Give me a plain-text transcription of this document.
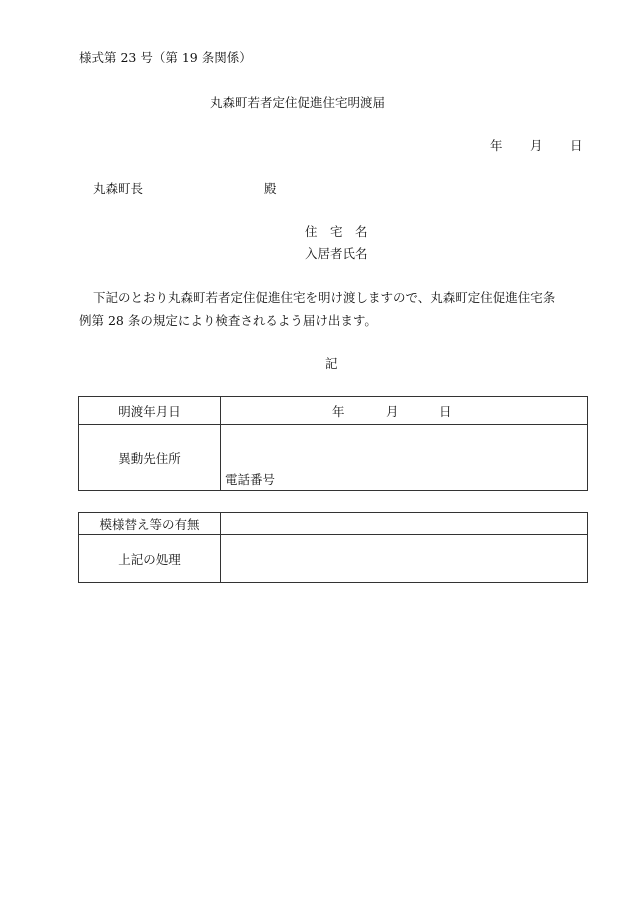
様式第 23 号（第 19 条関係）
丸森町若者定住促進住宅明渡届
年 月 日
丸森町長	殿
住　宅　名
入居者氏名
下記のとおり丸森町若者定住促進住宅を明け渡しますので、丸森町定住促進住宅条
例第 28 条の規定により検査されるよう届け出ます。
記
明渡年月日	年 月 日

異動先住所	電話番号
模様替え等の有無	
上記の処理	
